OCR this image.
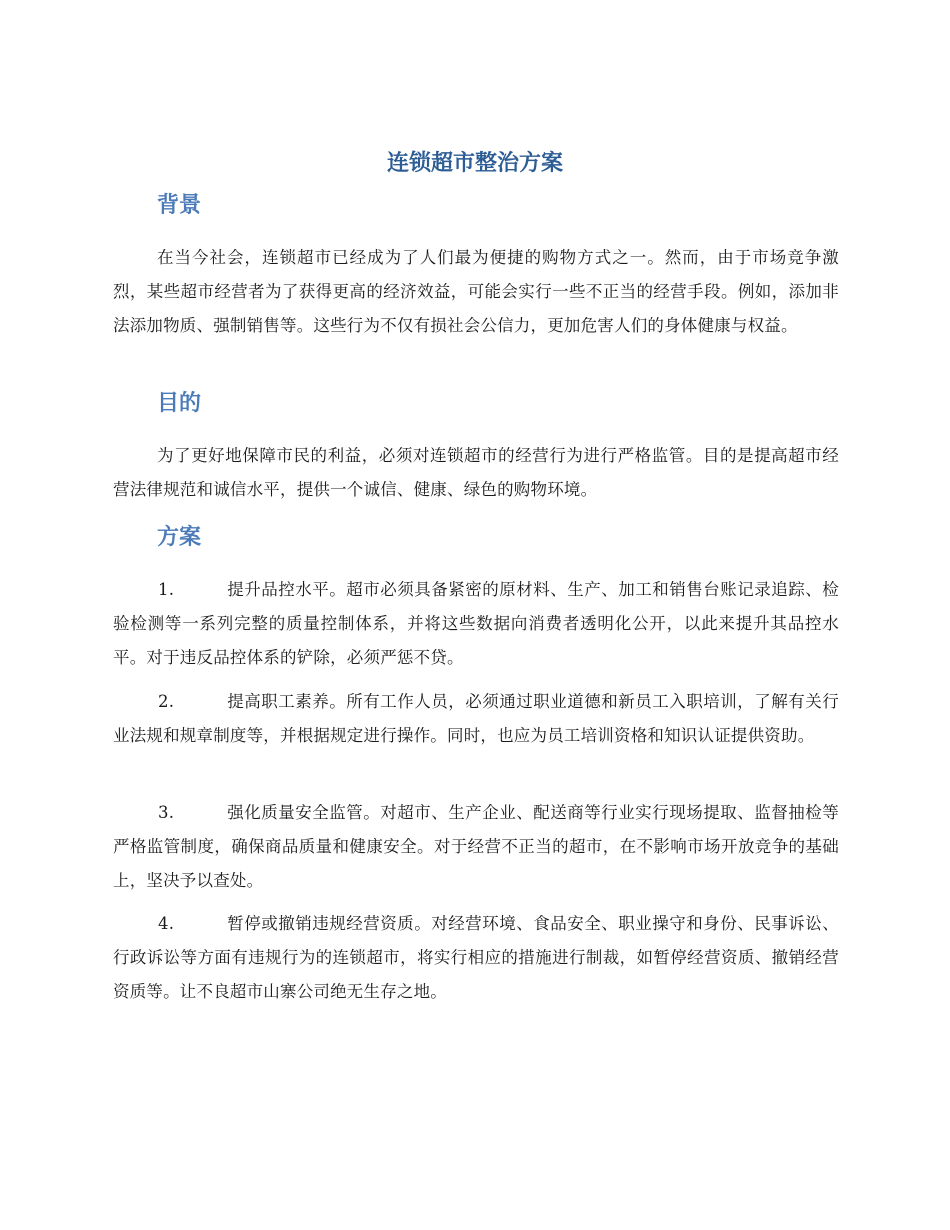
连锁超市整治方案
背景

在当今社会，连锁超市已经成为了人们最为便捷的购物方式之一。然而，由于市场竞争激烈，某些超市经营者为了获得更高的经济效益，可能会实行一些不正当的经营手段。例如，添加非法添加物质、强制销售等。这些行为不仅有损社会公信力，更加危害人们的身体健康与权益。

目的

为了更好地保障市民的利益，必须对连锁超市的经营行为进行严格监管。目的是提高超市经营法律规范和诚信水平，提供一个诚信、健康、绿色的购物环境。

方案

1.	提升品控水平。超市必须具备紧密的原材料、生产、加工和销售台账记录追踪、检验检测等一系列完整的质量控制体系，并将这些数据向消费者透明化公开，以此来提升其品控水平。对于违反品控体系的铲除，必须严惩不贷。

2.	提高职工素养。所有工作人员，必须通过职业道德和新员工入职培训，了解有关行业法规和规章制度等，并根据规定进行操作。同时，也应为员工培训资格和知识认证提供资助。

3.	强化质量安全监管。对超市、生产企业、配送商等行业实行现场提取、监督抽检等严格监管制度，确保商品质量和健康安全。对于经营不正当的超市，在不影响市场开放竞争的基础上，坚决予以查处。

4.	暂停或撤销违规经营资质。对经营环境、食品安全、职业操守和身份、民事诉讼、行政诉讼等方面有违规行为的连锁超市，将实行相应的措施进行制裁，如暂停经营资质、撤销经营资质等。让不良超市山寨公司绝无生存之地。
